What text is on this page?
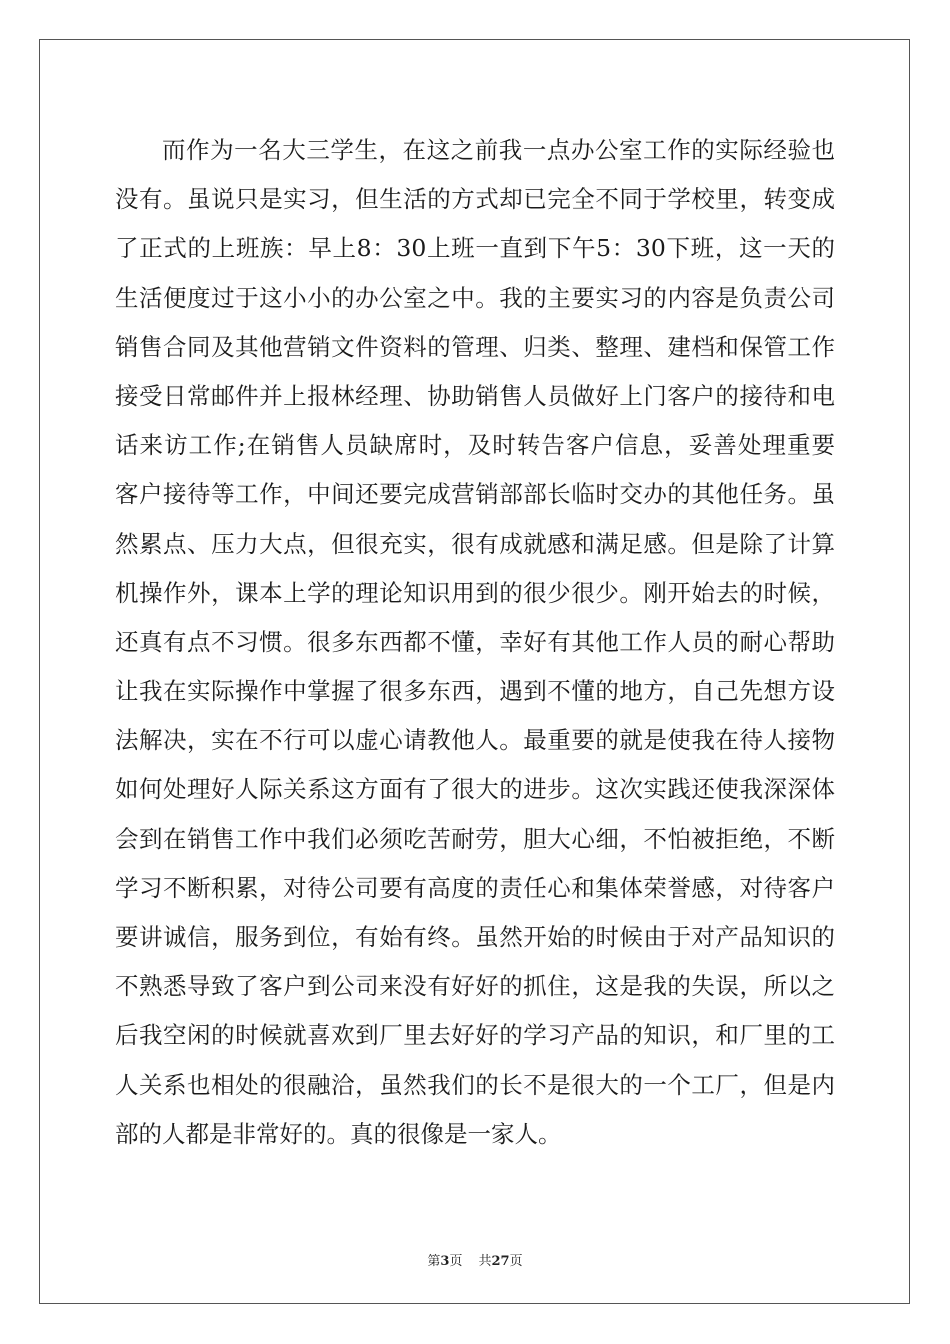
而作为一名大三学生，在这之前我一点办公室工作的实际经验也
没有。虽说只是实习，但生活的方式却已完全不同于学校里，转变成
了正式的上班族：早上8：30上班一直到下午5：30下班，这一天的
生活便度过于这小小的办公室之中。我的主要实习的内容是负责公司
销售合同及其他营销文件资料的管理、归类、整理、建档和保管工作
接受日常邮件并上报林经理、协助销售人员做好上门客户的接待和电
话来访工作;在销售人员缺席时，及时转告客户信息，妥善处理重要
客户接待等工作，中间还要完成营销部部长临时交办的其他任务。虽
然累点、压力大点，但很充实，很有成就感和满足感。但是除了计算
机操作外，课本上学的理论知识用到的很少很少。刚开始去的时候，
还真有点不习惯。很多东西都不懂，幸好有其他工作人员的耐心帮助
让我在实际操作中掌握了很多东西，遇到不懂的地方，自己先想方设
法解决，实在不行可以虚心请教他人。最重要的就是使我在待人接物
如何处理好人际关系这方面有了很大的进步。这次实践还使我深深体
会到在销售工作中我们必须吃苦耐劳，胆大心细，不怕被拒绝，不断
学习不断积累，对待公司要有高度的责任心和集体荣誉感，对待客户
要讲诚信，服务到位，有始有终。虽然开始的时候由于对产品知识的
不熟悉导致了客户到公司来没有好好的抓住，这是我的失误，所以之
后我空闲的时候就喜欢到厂里去好好的学习产品的知识，和厂里的工
人关系也相处的很融洽，虽然我们的长不是很大的一个工厂，但是内
部的人都是非常好的。真的很像是一家人。
第3页 共27页
